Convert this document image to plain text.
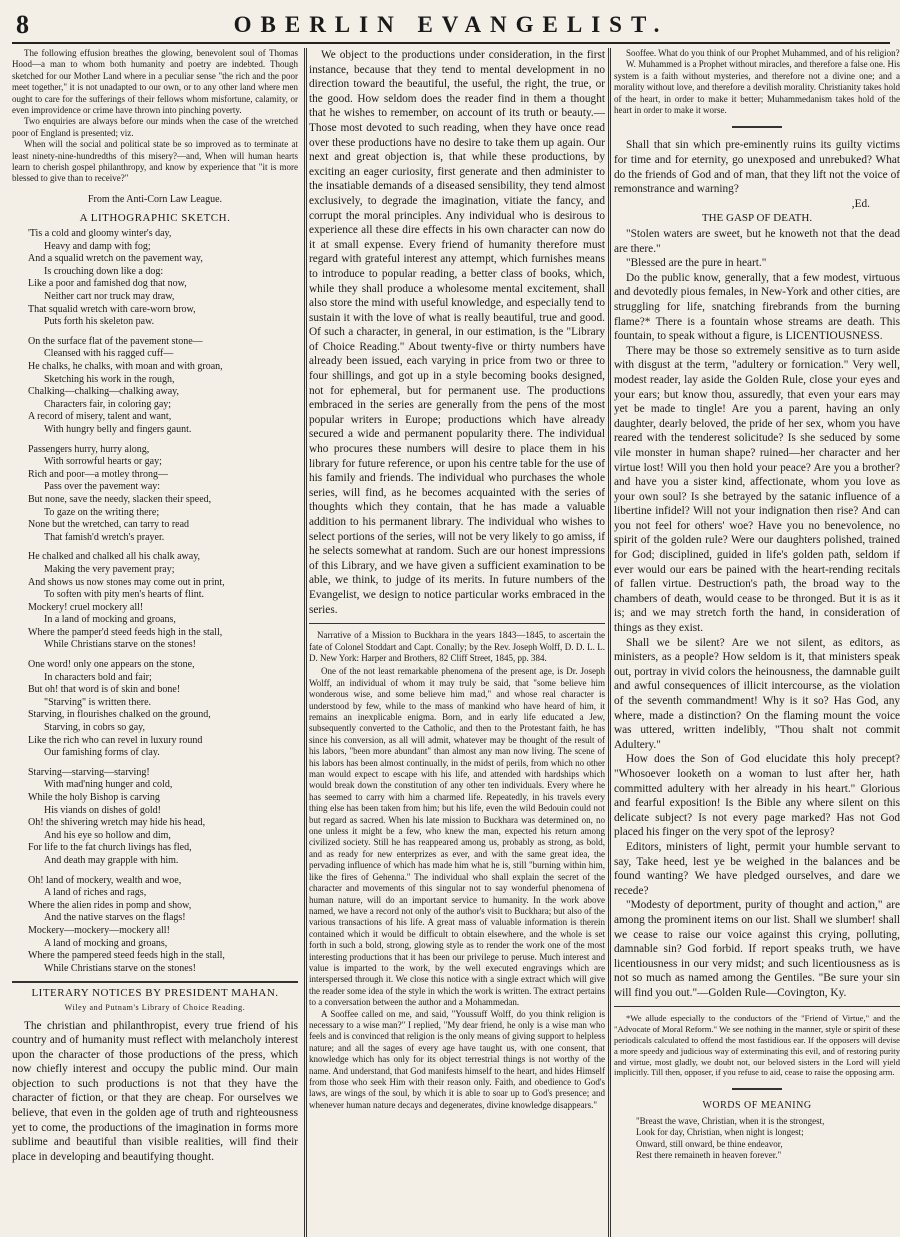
8	OBERLIN EVANGELIST.

The following effusion breathes the glowing, benevolent soul of Thomas Hood—a man to whom both humanity and poetry are indebted. Though sketched for our Mother Land where in a peculiar sense "the rich and the poor meet together," it is not unadapted to our own, or to any other land where men ought to care for the sufferings of their fellows whom misfortune, calamity, or even improvidence or crime have thrown into pinching poverty.

Two enquiries are always before our minds when the case of the wretched poor of England is presented; viz.

When will the social and political state be so improved as to terminate at least ninety-nine-hundredths of this misery?—and, When will human hearts learn to cherish gospel philanthropy, and know by experience that "it is more blessed to give than to receive?"

From the Anti-Corn Law League.

A LITHOGRAPHIC SKETCH.

'Tis a cold and gloomy winter's day,
Heavy and damp with fog;
And a squalid wretch on the pavement way,
Is crouching down like a dog:
Like a poor and famished dog that now,
Neither cart nor truck may draw,
That squalid wretch with care-worn brow,
Puts forth his skeleton paw.
On the surface flat of the pavement stone—
Cleansed with his ragged cuff—
He chalks, he chalks, with moan and with groan,
Sketching his work in the rough,
Chalking—chalking—chalking away,
Characters fair, in coloring gay;
A record of misery, talent and want,
With hungry belly and fingers gaunt.
Passengers hurry, hurry along,
With sorrowful hearts or gay;
Rich and poor—a motley throng—
Pass over the pavement way:
But none, save the needy, slacken their speed,
To gaze on the writing there;
None but the wretched, can tarry to read
That famish'd wretch's prayer.
He chalked and chalked all his chalk away,
Making the very pavement pray;
And shows us now stones may come out in print,
To soften with pity men's hearts of flint.
Mockery! cruel mockery all!
In a land of mocking and groans,
Where the pamper'd steed feeds high in the stall,
While Christians starve on the stones!
One word! only one appears on the stone,
In characters bold and fair;
But oh! that word is of skin and bone!
"Starving" is written there.
Starving, in flourishes chalked on the ground,
Starving, in cobrs so gay,
Like the rich who can revel in luxury round
Our famishing forms of clay.
Starving—starving—starving!
With mad'ning hunger and cold,
While the holy Bishop is carving
His viands on dishes of gold!
Oh! the shivering wretch may hide his head,
And his eye so hollow and dim,
For life to the fat church livings has fled,
And death may grapple with him.
Oh! land of mockery, wealth and woe,
A land of riches and rags,
Where the alien rides in pomp and show,
And the native starves on the flags!
Mockery—mockery—mockery all!
A land of mocking and groans,
Where the pampered steed feeds high in the stall,
While Christians starve on the stones!
LITERARY NOTICES BY PRESIDENT MAHAN.
Wiley and Putnam's Library of Choice Reading.

The christian and philanthropist, every true friend of his country and of humanity must reflect with melancholy interest upon the character of those productions of the press, which now chiefly interest and occupy the public mind. Our main objection to such productions is not that they have the character of fiction, or that they are cheap. For ourselves we believe, that even in the golden age of truth and righteousness yet to come, the productions of the imagination in forms more sublime and beautiful than visible realities, will find their place in developing and beautifying thought.

We object to the productions under consideration, in the first instance, because that they tend to mental development in no direction toward the beautiful, the useful, the right, the true, or the good. How seldom does the reader find in them a thought that he wishes to remember, on account of its truth or beauty.—Those most devoted to such reading, when they have once read over these productions have no desire to take them up again. Our next and great objection is, that while these productions, by exciting an eager curiosity, first generate and then administer to the insatiable demands of a diseased sensibility, they tend almost exclusively, to degrade the imagination, vitiate the fancy, and corrupt the moral principles. Any individual who is desirous to experience all these dire effects in his own character can now do it at small expense. Every friend of humanity therefore must regard with grateful interest any attempt, which furnishes means to introduce to popular reading, a better class of books, which, while they shall produce a wholesome mental excitement, shall also store the mind with useful knowledge, and especially tend to sustain it with the love of what is really beautiful, true and good. Of such a character, in general, in our estimation, is the "Library of Choice Reading." About twenty-five or thirty numbers have already been issued, each varying in price from two or three to four shillings, and got up in a style becoming books designed, not for ephemeral, but for permanent use. The productions embraced in the series are generally from the pens of the most popular writers in Europe; productions which have already secured a wide and permanent popularity there. The individual who procures these numbers will desire to place them in his library for future reference, or upon his centre table for the use of his family and friends. The individual who purchases the whole series, will find, as he becomes acquainted with the series of thoughts which they contain, that he has made a valuable addition to his permanent library. The individual who wishes to select portions of the series, will not be very likely to go amiss, if he selects somewhat at random. Such are our honest impressions of this Library, and we have given a sufficient examination to be able, we think, to judge of its merits. In future numbers of the Evangelist, we design to notice particular works embraced in the series.

Narrative of a Mission to Buckhara in the years 1843—1845, to ascertain the fate of Colonel Stoddart and Capt. Conally; by the Rev. Joseph Wolff, D. D. L. L. D. New York: Harper and Brothers, 82 Cliff Street, 1845, pp. 384.

One of the not least remarkable phenomena of the present age, is Dr. Joseph Wolff, an individual of whom it may truly be said, that "some believe him wonderous wise, and some believe him mad," and whose real character is understood by few, while to the mass of mankind who have heard of him, it remains an inexplicable enigma. Born, and in early life educated a Jew, subsequently converted to the Catholic, and then to the Protestant faith, he has since his conversion, as all will admit, whatever may be thought of the result of his labors, "been more abundant" than almost any man now living. The scene of his labors has been almost continually, in the midst of perils, from which no other man would expect to escape with his life, and attended with hardships which would break down the constitution of any other ten individuals. Every where he has seemed to carry with him a charmed life. Repeatedly, in his travels every thing else has been taken from him; but his life, even the wild Bedouin could not but regard as sacred. When his late mission to Buckhara was determined on, no one unless it might be a few, who knew the man, expected his return among civilized society. Still he has reappeared among us, probably as strong, as bold, and as ready for new enterprizes as ever, and with the same great idea, the pervading influence of which has made him what he is, still "burning within him, like the fires of Gehenna." The individual who shall explain the secret of the character and movements of this singular not to say wonderful phenomena of human nature, will do an important service to humanity. In the work above named, we have a record not only of the author's visit to Buckhara; but also of the various transactions of his life. A great mass of valuable information is therein contained which it would be difficult to obtain elsewhere, and the whole is set forth in such a bold, strong, glowing style as to render the work one of the most interesting productions that it has been our privilege to peruse. Much interest and value is imparted to the work, by the well executed engravings which are interspersed through it. We close this notice with a single extract which will give the reader some idea of the style in which the work is written. The extract pertains to a conversation between the author and a Mohammedan.

A Sooffee called on me, and said, "Youssuff Wolff, do you think religion is necessary to a wise man?" I replied, "My dear friend, he only is a wise man who feels and is convinced that religion is the only means of giving support to helpless nature; and all the sages of every age have taught us, with one consent, that knowledge which has only for its object terrestrial things is not worthy of the name. And understand, that God manifests himself to the heart, and hides Himself from those who seek Him with their reason only. Faith, and obedience to God's laws, are wings of the soul, by which it is able to soar up to God's presence; and whenever human nature decays and degenerates, divine knowledge disappears."

Sooffee. What do you think of our Prophet Muhammed, and of his religion?

W. Muhammed is a Prophet without miracles, and therefore a false one. His system is a faith without mysteries, and therefore not a divine one; and a morality without love, and therefore a devilish morality. Christianity takes hold of the heart, in order to make it better; Muhammedanism takes hold of the heart in order to make it worse.

Shall that sin which pre-eminently ruins its guilty victims for time and for eternity, go unexposed and unrebuked? What do the friends of God and of man, that they lift not the voice of remonstrance and warning?

,Ed.

THE GASP OF DEATH.

"Stolen waters are sweet, but he knoweth not that the dead are there."

"Blessed are the pure in heart."

Do the public know, generally, that a few modest, virtuous and devotedly pious females, in New-York and other cities, are struggling for life, snatching firebrands from the burning flame?* There is a fountain whose streams are death. This fountain, to speak without a figure, is LICENTIOUSNESS.

There may be those so extremely sensitive as to turn aside with disgust at the term, "adultery or fornication." Very well, modest reader, lay aside the Golden Rule, close your eyes and your ears; but know thou, assuredly, that even your ears may yet be made to tingle! Are you a parent, having an only daughter, dearly beloved, the pride of her sex, whom you have reared with the tenderest solicitude? Is she seduced by some vile monster in human shape? ruined—her character and her virtue lost! Will you then hold your peace? Are you a brother? and have you a sister kind, affectionate, whom you love as your own soul? Is she betrayed by the satanic influence of a libertine infidel? Will not your indignation then rise? And can you not feel for others' woe? Have you no benevolence, no spirit of the golden rule? Were our daughters polished, trained for God; disciplined, guided in life's golden path, seldom if ever would our ears be pained with the heart-rending recitals of fallen virtue. Destruction's path, the broad way to the chambers of death, would cease to be thronged. But it is as it is; and we may stretch forth the hand, in consideration of things as they exist.

Shall we be silent? Are we not silent, as editors, as ministers, as a people? How seldom is it, that ministers speak out, portray in vivid colors the heinousness, the damnable guilt and awful consequences of illicit intercourse, as the violation of the seventh commandment! Why is it so? Has God, any where, made a distinction? On the flaming mount the voice was uttered, written indelibly, "Thou shalt not commit Adultery."

How does the Son of God elucidate this holy precept? "Whosoever looketh on a woman to lust after her, hath committed adultery with her already in his heart." Glorious and fearful exposition! Is the Bible any where silent on this delicate subject? Is not every page marked? Has not God placed his finger on the very spot of the leprosy?

Editors, ministers of light, permit your humble servant to say, Take heed, lest ye be weighed in the balances and be found wanting? We have pledged ourselves, and dare we recede?

"Modesty of deportment, purity of thought and action," are among the prominent items on our list. Shall we slumber! shall we cease to raise our voice against this crying, polluting, damnable sin? God forbid. If report speaks truth, we have licentiousness in our very midst; and such licentiousness as is not so much as named among the Gentiles. "Be sure your sin will find you out."—Golden Rule—Covington, Ky.

*We allude especially to the conductors of the "Friend of Virtue," and the "Advocate of Moral Reform." We see nothing in the manner, style or spirit of these periodicals calculated to offend the most fastidious ear. If the opposers will devise a more speedy and judicious way of exterminating this evil, and of restoring purity and virtue, most gladly, we doubt not, our beloved sisters in the Lord will yield implicitly. Till then, opposer, if you refuse to aid, cease to raise the opposing arm.

WORDS OF MEANING

"Breast the wave, Christian, when it is the strongest,

Look for day, Christian, when night is longest;

Onward, still onward, be thine endeavor,

Rest there remaineth in heaven forever."
